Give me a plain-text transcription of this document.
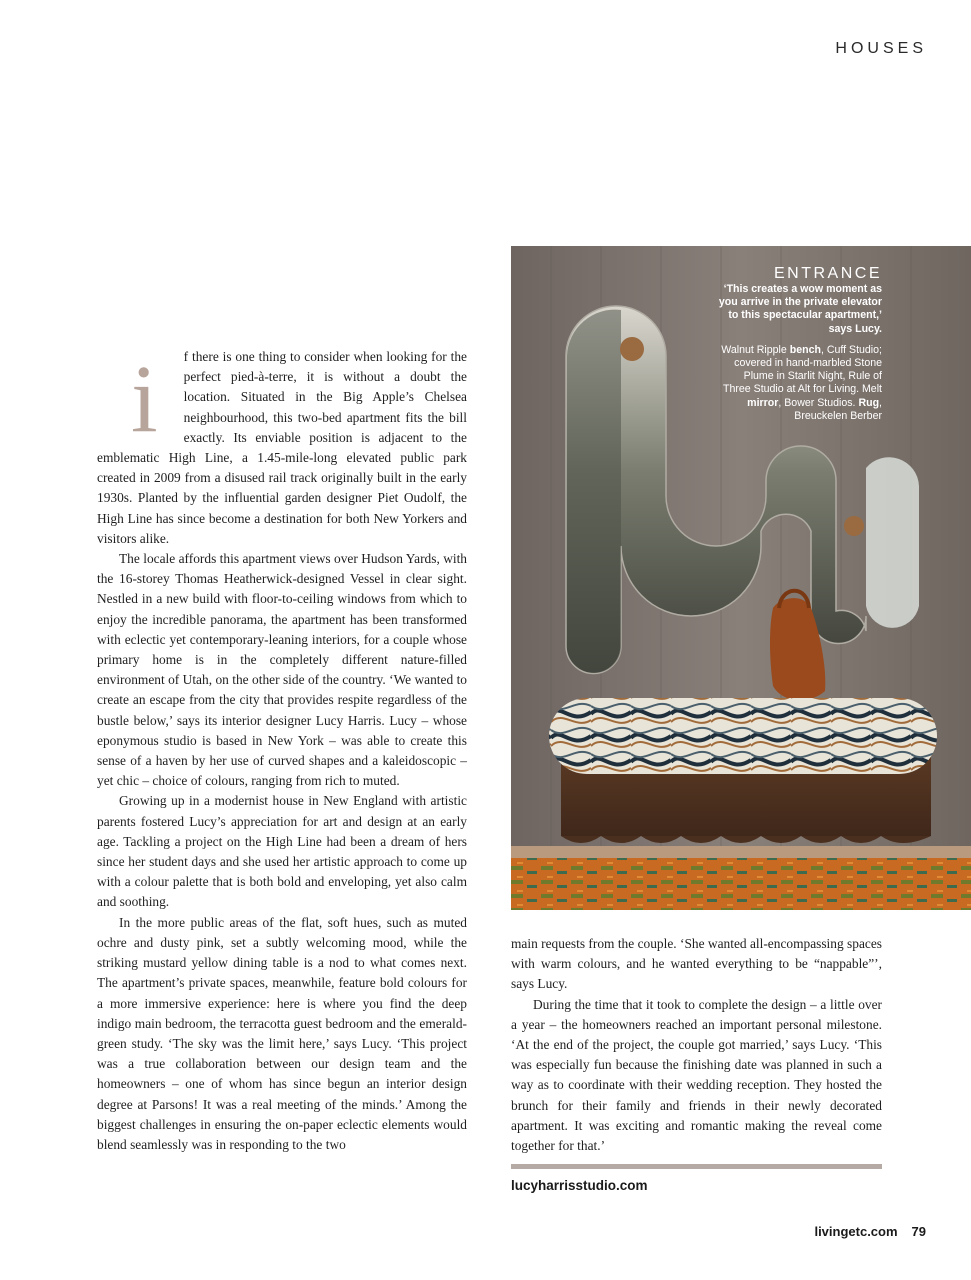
HOUSES

i f there is one thing to consider when looking for the perfect pied-à-terre, it is without a doubt the location. Situated in the Big Apple’s Chelsea neighbourhood, this two-bed apartment fits the bill exactly. Its enviable position is adjacent to the emblematic High Line, a 1.45-mile-long elevated public park created in 2009 from a disused rail track originally built in the early 1930s. Planted by the influential garden designer Piet Oudolf, the High Line has since become a destination for both New Yorkers and visitors alike.

The locale affords this apartment views over Hudson Yards, with the 16-storey Thomas Heatherwick-designed Vessel in clear sight. Nestled in a new build with floor-to-ceiling windows from which to enjoy the incredible panorama, the apartment has been transformed with eclectic yet contemporary-leaning interiors, for a couple whose primary home is in the completely different nature-filled environment of Utah, on the other side of the country. ‘We wanted to create an escape from the city that provides respite regardless of the bustle below,’ says its interior designer Lucy Harris. Lucy – whose eponymous studio is based in New York – was able to create this sense of a haven by her use of curved shapes and a kaleidoscopic – yet chic – choice of colours, ranging from rich to muted.

Growing up in a modernist house in New England with artistic parents fostered Lucy’s appreciation for art and design at an early age. Tackling a project on the High Line had been a dream of hers since her student days and she used her artistic approach to come up with a colour palette that is both bold and enveloping, yet also calm and soothing.

In the more public areas of the flat, soft hues, such as muted ochre and dusty pink, set a subtly welcoming mood, while the striking mustard yellow dining table is a nod to what comes next. The apartment’s private spaces, meanwhile, feature bold colours for a more immersive experience: here is where you find the deep indigo main bedroom, the terracotta guest bedroom and the emerald-green study. ‘The sky was the limit here,’ says Lucy. ‘This project was a true collaboration between our design team and the homeowners – one of whom has since begun an interior design degree at Parsons! It was a real meeting of the minds.’ Among the biggest challenges in ensuring the on-paper eclectic elements would blend seamlessly was in responding to the two

ENTRANCE
‘This creates a wow moment as you arrive in the private elevator to this spectacular apartment,’ says Lucy.
Walnut Ripple bench, Cuff Studio; covered in hand-marbled Stone Plume in Starlit Night, Rule of Three Studio at Alt for Living. Melt mirror, Bower Studios. Rug, Breuckelen Berber

main requests from the couple. ‘She wanted all-encompassing spaces with warm colours, and he wanted everything to be “nappable”’, says Lucy.

During the time that it took to complete the design – a little over a year – the homeowners reached an important personal milestone. ‘At the end of the project, the couple got married,’ says Lucy. ‘This was especially fun because the finishing date was planned in such a way as to coordinate with their wedding reception. They hosted the brunch for their family and friends in their newly decorated apartment. It was exciting and romantic making the reveal come together for that.’

lucyharrisstudio.com
livingetc.com 79
